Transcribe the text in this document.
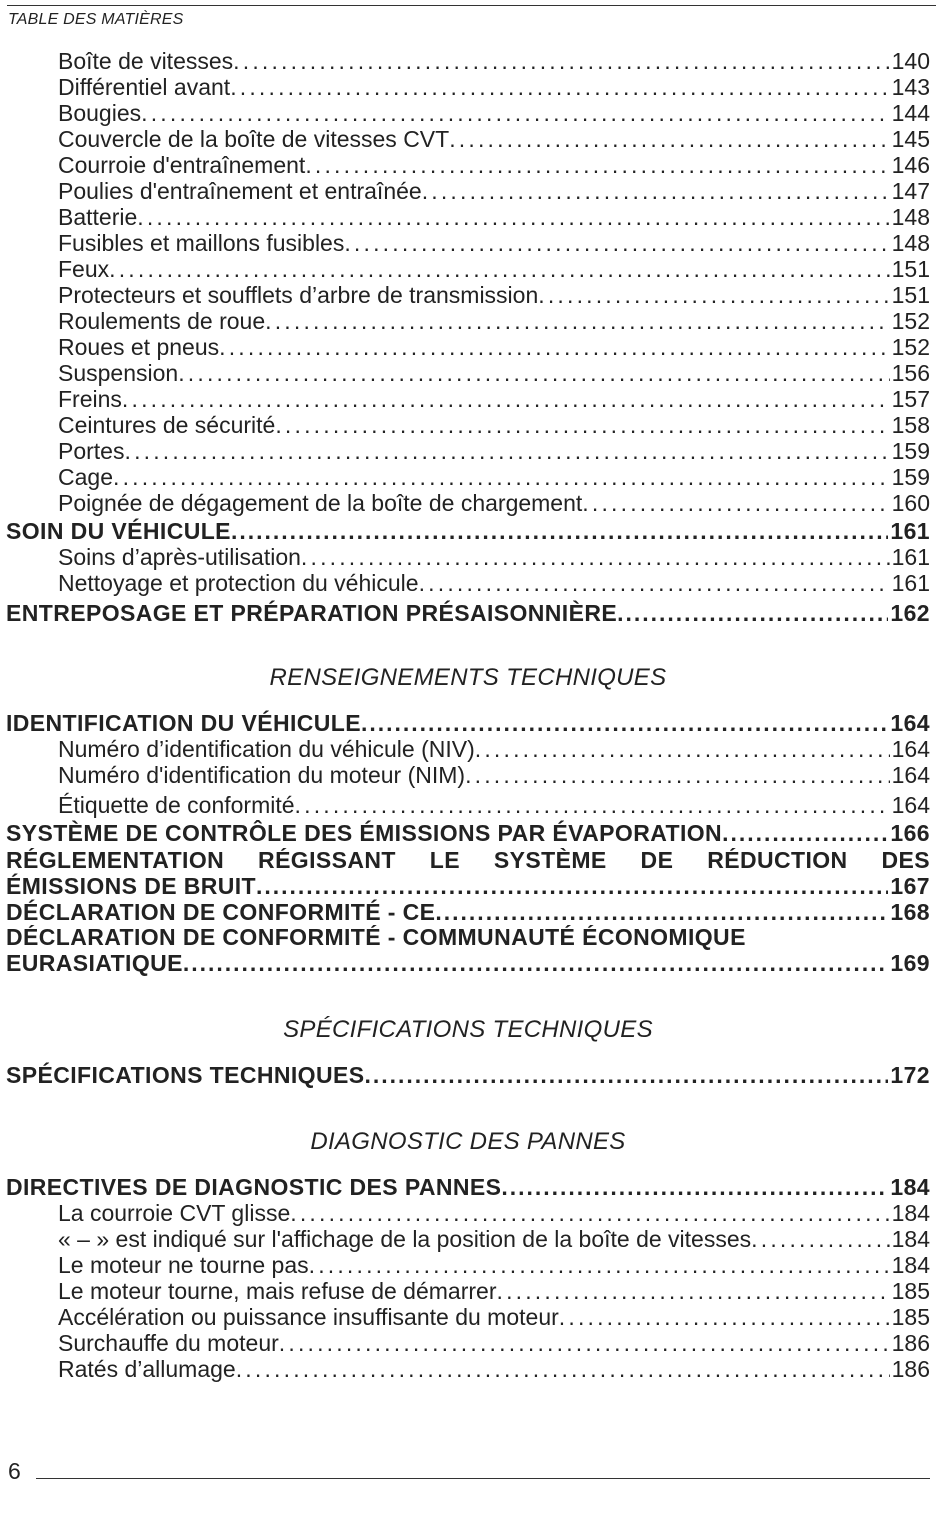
TABLE DES MATIÈRES
Boîte de vitesses . . .	140
Différentiel avant . . .	143
Bougies . . .	144
Couvercle de la boîte de vitesses CVT . . .	145
Courroie d'entraînement . . .	146
Poulies d'entraînement et entraînée . . .	147
Batterie . . .	148
Fusibles et maillons fusibles . . .	148
Feux . . .	151
Protecteurs et soufflets d’arbre de transmission . . .	151
Roulements de roue . . .	152
Roues et pneus . . .	152
Suspension . . .	156
Freins . . .	157
Ceintures de sécurité . . .	158
Portes . . .	159
Cage . . .	159
Poignée de dégagement de la boîte de chargement . . .	160
SOIN DU VÉHICULE . . .	161
Soins d’après-utilisation . . .	161
Nettoyage et protection du véhicule . . .	161
ENTREPOSAGE ET PRÉPARATION PRÉSAISONNIÈRE . . .	162
RENSEIGNEMENTS TECHNIQUES
IDENTIFICATION DU VÉHICULE . . .	164
Numéro d’identification du véhicule (NIV) . . .	164
Numéro d'identification du moteur (NIM) . . .	164
Étiquette de conformité . . .	164
SYSTÈME DE CONTRÔLE DES ÉMISSIONS PAR ÉVAPORATION . . .	166
RÉGLEMENTATION RÉGISSANT LE SYSTÈME DE RÉDUCTION DES
ÉMISSIONS DE BRUIT . . .	167
DÉCLARATION DE CONFORMITÉ - CE . . .	168
DÉCLARATION DE CONFORMITÉ - COMMUNAUTÉ ÉCONOMIQUE
EURASIATIQUE . . .	169
SPÉCIFICATIONS TECHNIQUES
SPÉCIFICATIONS TECHNIQUES . . .	172
DIAGNOSTIC DES PANNES
DIRECTIVES DE DIAGNOSTIC DES PANNES . . .	184
La courroie CVT glisse . . .	184
« – » est indiqué sur l'affichage de la position de la boîte de vitesses . . .	184
Le moteur ne tourne pas . . .	184
Le moteur tourne, mais refuse de démarrer . . .	185
Accélération ou puissance insuffisante du moteur . . .	185
Surchauffe du moteur . . .	186
Ratés d’allumage . . .	186
6
